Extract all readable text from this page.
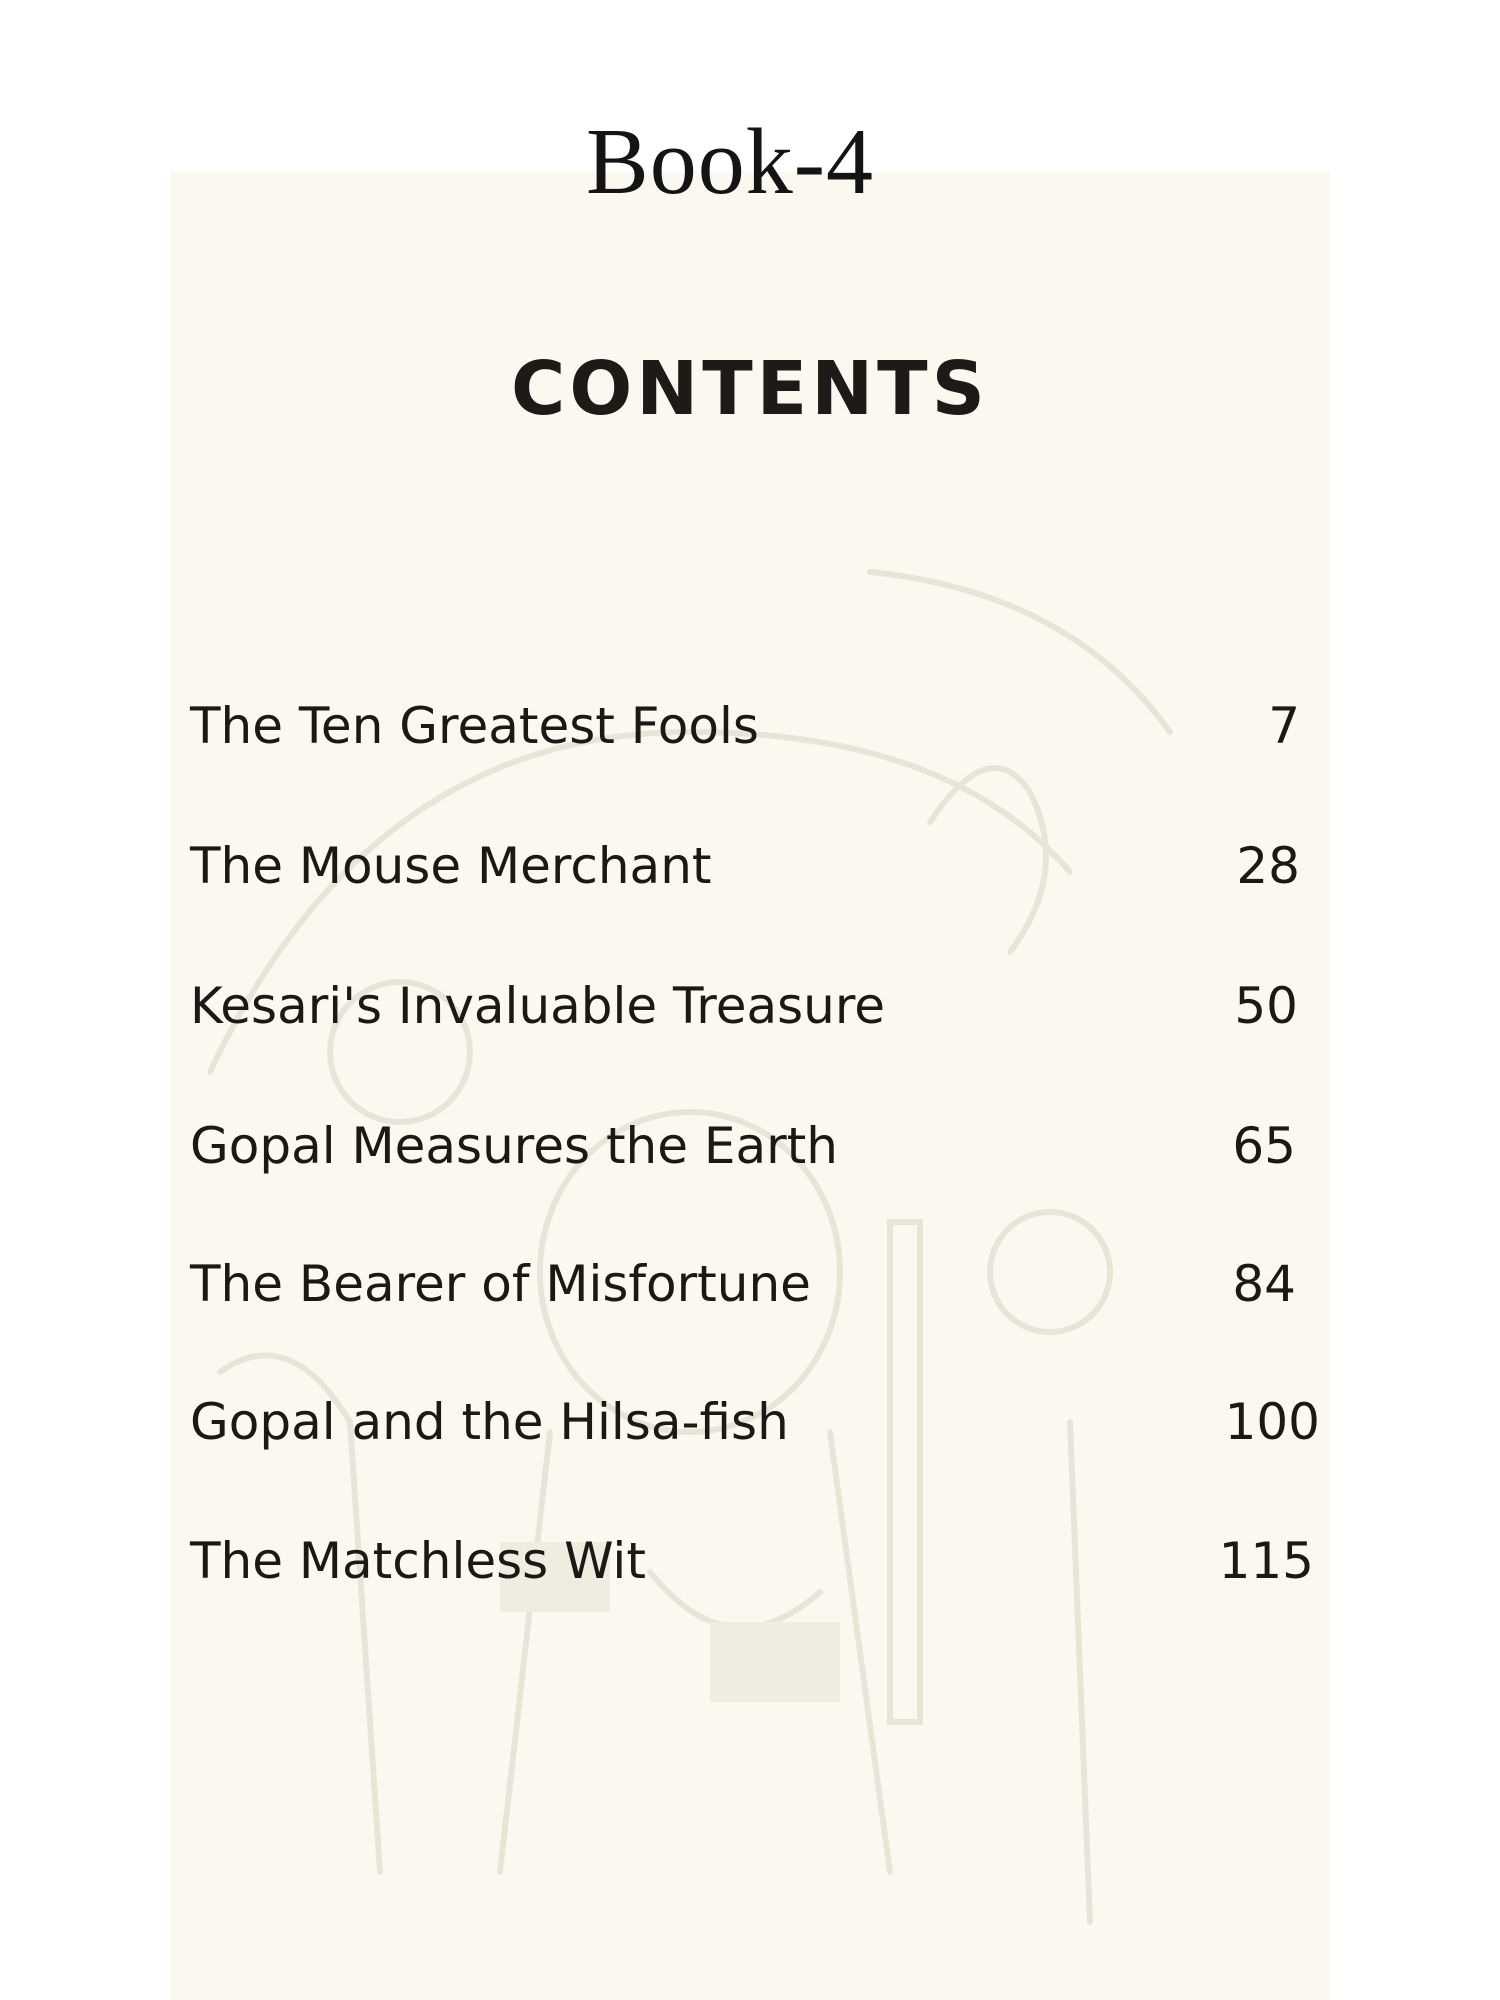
Book-4
CONTENTS
The Ten Greatest Fools	7
The Mouse Merchant	28
Kesari's Invaluable Treasure	50
Gopal Measures the Earth	65
The Bearer of Misfortune	84
Gopal and the Hilsa-fish	100
The Matchless Wit	115
